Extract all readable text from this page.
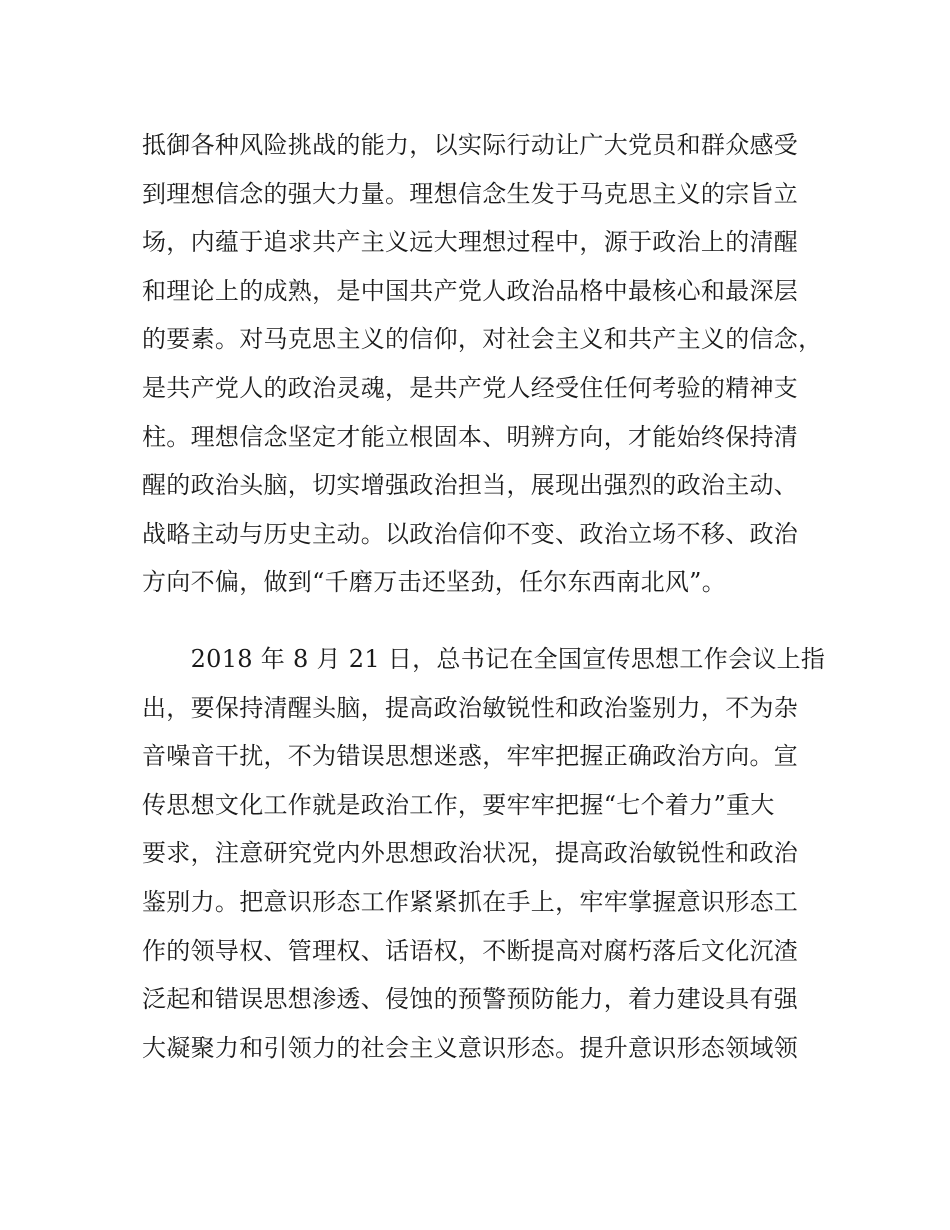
抵御各种风险挑战的能力，以实际行动让广大党员和群众感受
到理想信念的强大力量。理想信念生发于马克思主义的宗旨立
场，内蕴于追求共产主义远大理想过程中，源于政治上的清醒
和理论上的成熟，是中国共产党人政治品格中最核心和最深层
的要素。对马克思主义的信仰，对社会主义和共产主义的信念，
是共产党人的政治灵魂，是共产党人经受住任何考验的精神支
柱。理想信念坚定才能立根固本、明辨方向，才能始终保持清
醒的政治头脑，切实增强政治担当，展现出强烈的政治主动、
战略主动与历史主动。以政治信仰不变、政治立场不移、政治
方向不偏，做到“千磨万击还坚劲，任尔东西南北风”。
　　2018 年 8 月 21 日，总书记在全国宣传思想工作会议上指
出，要保持清醒头脑，提高政治敏锐性和政治鉴别力，不为杂
音噪音干扰，不为错误思想迷惑，牢牢把握正确政治方向。宣
传思想文化工作就是政治工作，要牢牢把握“七个着力”重大
要求，注意研究党内外思想政治状况，提高政治敏锐性和政治
鉴别力。把意识形态工作紧紧抓在手上，牢牢掌握意识形态工
作的领导权、管理权、话语权，不断提高对腐朽落后文化沉渣
泛起和错误思想渗透、侵蚀的预警预防能力，着力建设具有强
大凝聚力和引领力的社会主义意识形态。提升意识形态领域领
